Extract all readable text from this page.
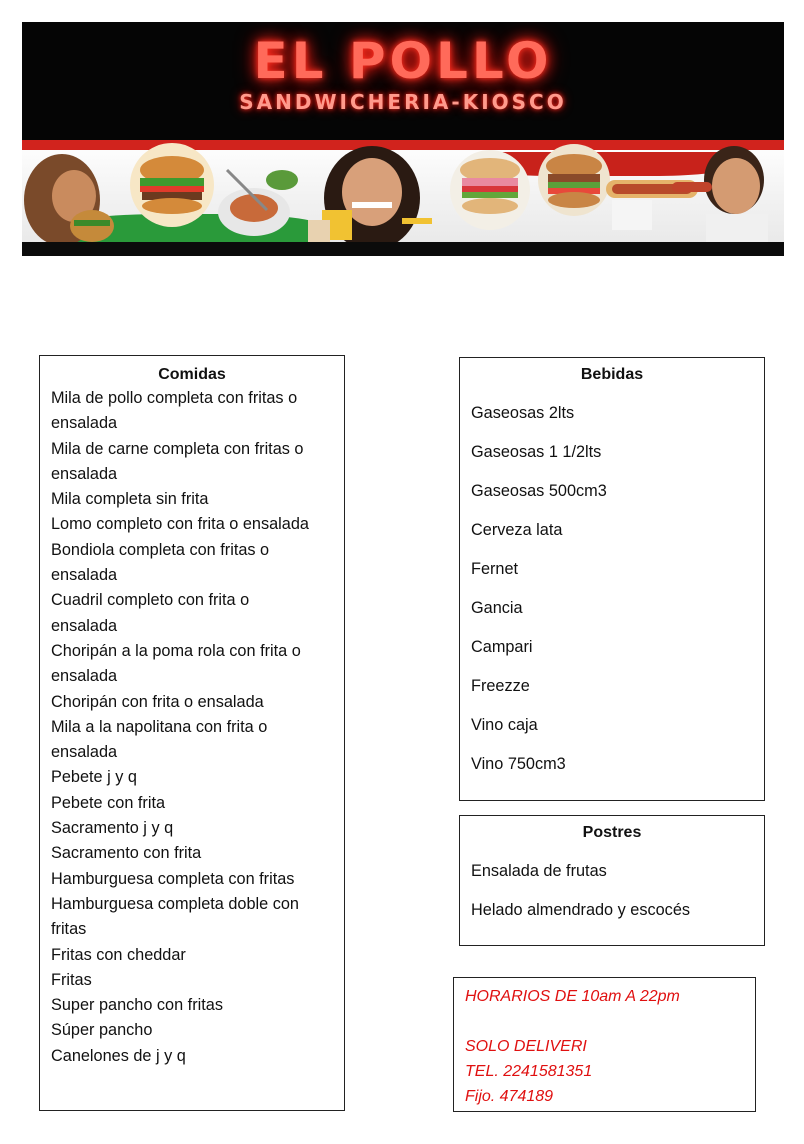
EL POLLO
SANDWICHERIA-KIOSCO
Comidas
Mila de pollo completa con fritas o
ensalada
Mila de carne completa con fritas o
ensalada
Mila completa sin frita
Lomo completo con frita o ensalada
Bondiola completa con fritas o
ensalada
Cuadril completo con frita o
ensalada
Choripán a la poma rola con frita o
ensalada
Choripán con frita o ensalada
Mila a la napolitana con frita o
ensalada
Pebete j y q
Pebete con frita
Sacramento j y q
Sacramento con frita
Hamburguesa completa con fritas
Hamburguesa completa doble con
fritas
Fritas con cheddar
Fritas
Super pancho con fritas
Súper pancho
Canelones de j y q
Bebidas
Gaseosas 2lts
Gaseosas 1 1/2lts
Gaseosas 500cm3
Cerveza lata
Fernet
Gancia
Campari
Freezze
Vino caja
Vino 750cm3
Postres
Ensalada de frutas
Helado almendrado y escocés
HORARIOS DE 10am A 22pm
SOLO DELIVERI
TEL. 2241581351
Fijo. 474189
